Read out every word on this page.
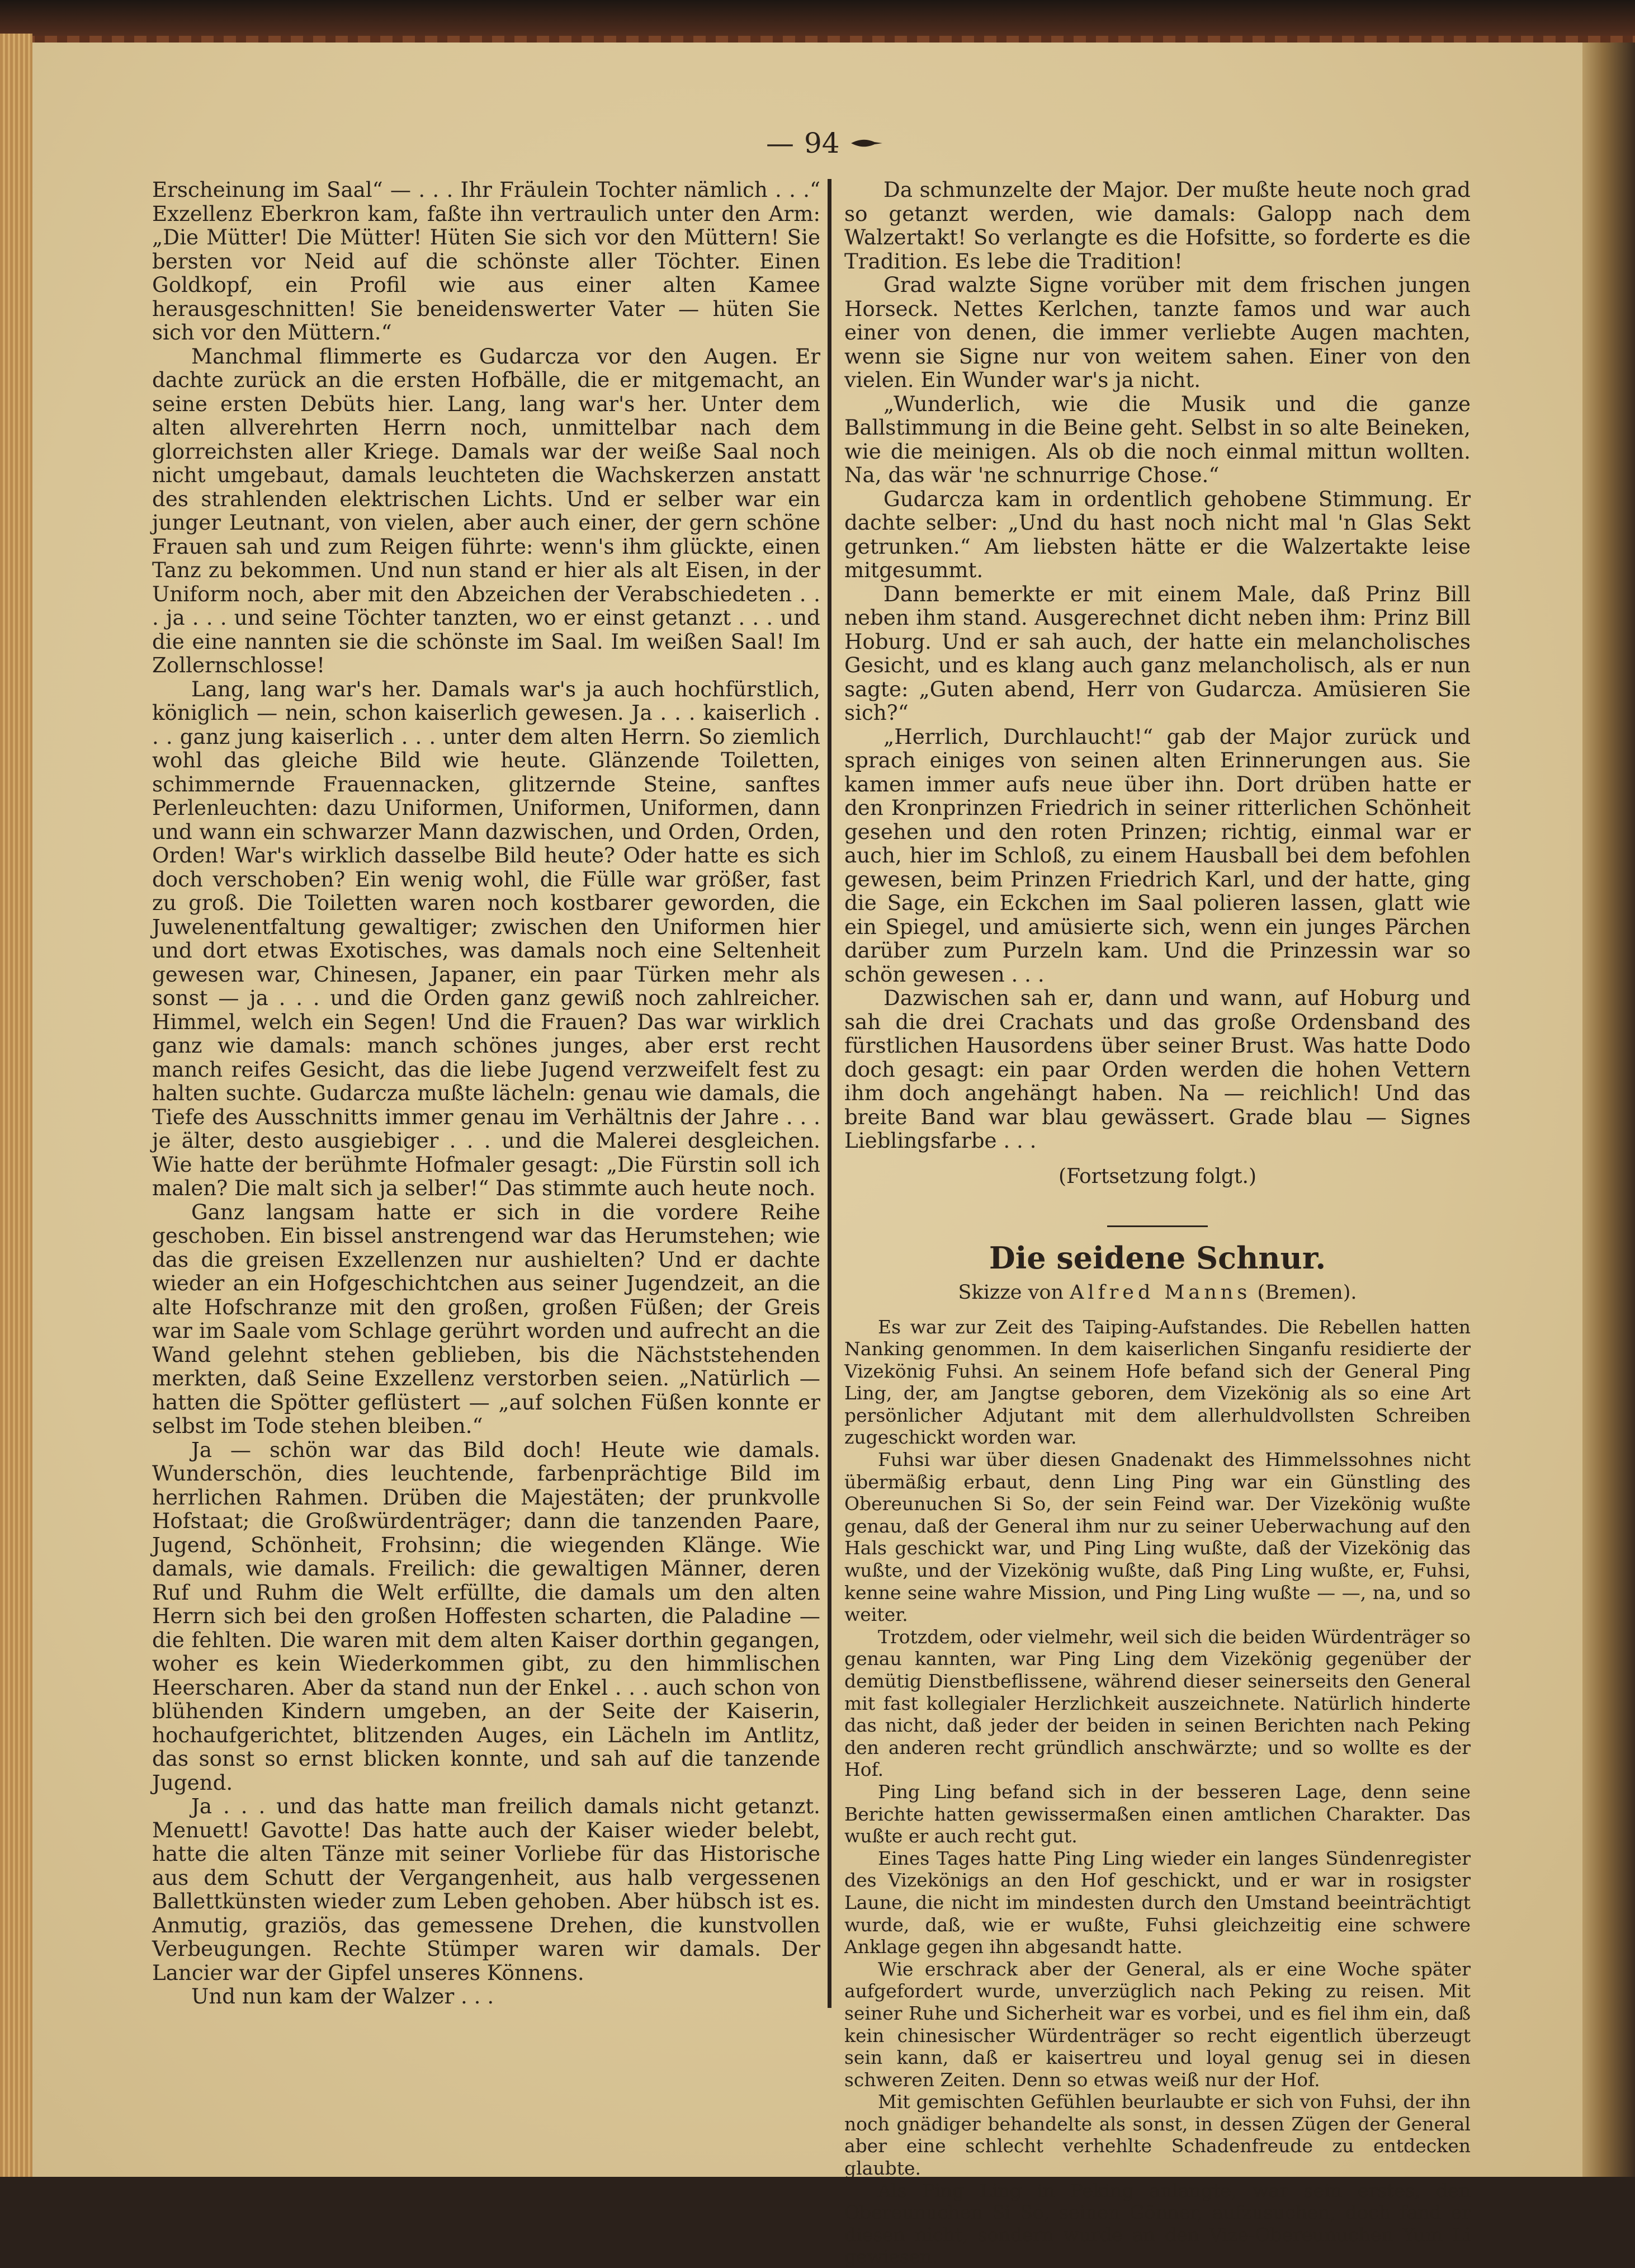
— 94

Erscheinung im Saal“ — . . . Ihr Fräulein Tochter nämlich . . .“ Exzellenz Eberkron kam, faßte ihn vertraulich unter den Arm: „Die Mütter! Die Mütter! Hüten Sie sich vor den Müttern! Sie bersten vor Neid auf die schönste aller Töchter. Einen Goldkopf, ein Profil wie aus einer alten Kamee herausgeschnitten! Sie beneidenswerter Vater — hüten Sie sich vor den Müttern.“

Manchmal flimmerte es Gudarcza vor den Augen. Er dachte zurück an die ersten Hofbälle, die er mitgemacht, an seine ersten Debüts hier. Lang, lang war's her. Unter dem alten allverehrten Herrn noch, unmittelbar nach dem glorreichsten aller Kriege. Damals war der weiße Saal noch nicht umgebaut, damals leuchteten die Wachskerzen anstatt des strahlenden elektrischen Lichts. Und er selber war ein junger Leutnant, von vielen, aber auch einer, der gern schöne Frauen sah und zum Reigen führte: wenn's ihm glückte, einen Tanz zu bekommen. Und nun stand er hier als alt Eisen, in der Uniform noch, aber mit den Abzeichen der Verabschiedeten . . . ja . . . und seine Töchter tanzten, wo er einst getanzt . . . und die eine nannten sie die schönste im Saal. Im weißen Saal! Im Zollernschlosse!

Lang, lang war's her. Damals war's ja auch hochfürstlich, königlich — nein, schon kaiserlich gewesen. Ja . . . kaiserlich . . . ganz jung kaiserlich . . . unter dem alten Herrn. So ziemlich wohl das gleiche Bild wie heute. Glänzende Toiletten, schimmernde Frauennacken, glitzernde Steine, sanftes Perlenleuchten: dazu Uniformen, Uniformen, Uniformen, dann und wann ein schwarzer Mann dazwischen, und Orden, Orden, Orden! War's wirklich dasselbe Bild heute? Oder hatte es sich doch verschoben? Ein wenig wohl, die Fülle war größer, fast zu groß. Die Toiletten waren noch kostbarer geworden, die Juwelenentfaltung gewaltiger; zwischen den Uniformen hier und dort etwas Exotisches, was damals noch eine Seltenheit gewesen war, Chinesen, Japaner, ein paar Türken mehr als sonst — ja . . . und die Orden ganz gewiß noch zahlreicher. Himmel, welch ein Segen! Und die Frauen? Das war wirklich ganz wie damals: manch schönes junges, aber erst recht manch reifes Gesicht, das die liebe Jugend verzweifelt fest zu halten suchte. Gudarcza mußte lächeln: genau wie damals, die Tiefe des Ausschnitts immer genau im Verhältnis der Jahre . . . je älter, desto ausgiebiger . . . und die Malerei desgleichen. Wie hatte der berühmte Hofmaler gesagt: „Die Fürstin soll ich malen? Die malt sich ja selber!“ Das stimmte auch heute noch.

Ganz langsam hatte er sich in die vordere Reihe geschoben. Ein bissel anstrengend war das Herumstehen; wie das die greisen Exzellenzen nur aushielten? Und er dachte wieder an ein Hofgeschichtchen aus seiner Jugendzeit, an die alte Hofschranze mit den großen, großen Füßen; der Greis war im Saale vom Schlage gerührt worden und aufrecht an die Wand gelehnt stehen geblieben, bis die Nächststehenden merkten, daß Seine Exzellenz verstorben seien. „Natürlich — hatten die Spötter geflüstert — „auf solchen Füßen konnte er selbst im Tode stehen bleiben.“

Ja — schön war das Bild doch! Heute wie damals. Wunderschön, dies leuchtende, farbenprächtige Bild im herrlichen Rahmen. Drüben die Majestäten; der prunkvolle Hofstaat; die Großwürdenträger; dann die tanzenden Paare, Jugend, Schönheit, Frohsinn; die wiegenden Klänge. Wie damals, wie damals. Freilich: die gewaltigen Männer, deren Ruf und Ruhm die Welt erfüllte, die damals um den alten Herrn sich bei den großen Hoffesten scharten, die Paladine — die fehlten. Die waren mit dem alten Kaiser dorthin gegangen, woher es kein Wiederkommen gibt, zu den himmlischen Heerscharen. Aber da stand nun der Enkel . . . auch schon von blühenden Kindern umgeben, an der Seite der Kaiserin, hochaufgerichtet, blitzenden Auges, ein Lächeln im Antlitz, das sonst so ernst blicken konnte, und sah auf die tanzende Jugend.

Ja . . . und das hatte man freilich damals nicht getanzt. Menuett! Gavotte! Das hatte auch der Kaiser wieder belebt, hatte die alten Tänze mit seiner Vorliebe für das Historische aus dem Schutt der Vergangenheit, aus halb vergessenen Ballettkünsten wieder zum Leben gehoben. Aber hübsch ist es. Anmutig, graziös, das gemessene Drehen, die kunstvollen Verbeugungen. Rechte Stümper waren wir damals. Der Lancier war der Gipfel unseres Könnens.

Und nun kam der Walzer . . .

Da schmunzelte der Major. Der mußte heute noch grad so getanzt werden, wie damals: Galopp nach dem Walzertakt! So verlangte es die Hofsitte, so forderte es die Tradition. Es lebe die Tradition!

Grad walzte Signe vorüber mit dem frischen jungen Horseck. Nettes Kerlchen, tanzte famos und war auch einer von denen, die immer verliebte Augen machten, wenn sie Signe nur von weitem sahen. Einer von den vielen. Ein Wunder war's ja nicht.

„Wunderlich, wie die Musik und die ganze Ballstimmung in die Beine geht. Selbst in so alte Beineken, wie die meinigen. Als ob die noch einmal mittun wollten. Na, das wär 'ne schnurrige Chose.“

Gudarcza kam in ordentlich gehobene Stimmung. Er dachte selber: „Und du hast noch nicht mal 'n Glas Sekt getrunken.“ Am liebsten hätte er die Walzertakte leise mitgesummt.

Dann bemerkte er mit einem Male, daß Prinz Bill neben ihm stand. Ausgerechnet dicht neben ihm: Prinz Bill Hoburg. Und er sah auch, der hatte ein melancholisches Gesicht, und es klang auch ganz melancholisch, als er nun sagte: „Guten abend, Herr von Gudarcza. Amüsieren Sie sich?“

„Herrlich, Durchlaucht!“ gab der Major zurück und sprach einiges von seinen alten Erinnerungen aus. Sie kamen immer aufs neue über ihn. Dort drüben hatte er den Kronprinzen Friedrich in seiner ritterlichen Schönheit gesehen und den roten Prinzen; richtig, einmal war er auch, hier im Schloß, zu einem Hausball bei dem befohlen gewesen, beim Prinzen Friedrich Karl, und der hatte, ging die Sage, ein Eckchen im Saal polieren lassen, glatt wie ein Spiegel, und amüsierte sich, wenn ein junges Pärchen darüber zum Purzeln kam. Und die Prinzessin war so schön gewesen . . .

Dazwischen sah er, dann und wann, auf Hoburg und sah die drei Crachats und das große Ordensband des fürstlichen Hausordens über seiner Brust. Was hatte Dodo doch gesagt: ein paar Orden werden die hohen Vettern ihm doch angehängt haben. Na — reichlich! Und das breite Band war blau gewässert. Grade blau — Signes Lieblingsfarbe . . .

(Fortsetzung folgt.)

Die seidene Schnur.

Skizze von Alfred Manns (Bremen).

Es war zur Zeit des Taiping-Aufstandes. Die Rebellen hatten Nanking genommen. In dem kaiserlichen Singanfu residierte der Vizekönig Fuhsi. An seinem Hofe befand sich der General Ping Ling, der, am Jangtse geboren, dem Vizekönig als so eine Art persönlicher Adjutant mit dem allerhuldvollsten Schreiben zugeschickt worden war.

Fuhsi war über diesen Gnadenakt des Himmelssohnes nicht übermäßig erbaut, denn Ling Ping war ein Günstling des Obereunuchen Si So, der sein Feind war. Der Vizekönig wußte genau, daß der General ihm nur zu seiner Ueberwachung auf den Hals geschickt war, und Ping Ling wußte, daß der Vizekönig das wußte, und der Vizekönig wußte, daß Ping Ling wußte, er, Fuhsi, kenne seine wahre Mission, und Ping Ling wußte — —, na, und so weiter.

Trotzdem, oder vielmehr, weil sich die beiden Würdenträger so genau kannten, war Ping Ling dem Vizekönig gegenüber der demütig Dienstbeflissene, während dieser seinerseits den General mit fast kollegialer Herzlichkeit auszeichnete. Natürlich hinderte das nicht, daß jeder der beiden in seinen Berichten nach Peking den anderen recht gründlich anschwärzte; und so wollte es der Hof.

Ping Ling befand sich in der besseren Lage, denn seine Berichte hatten gewissermaßen einen amtlichen Charakter. Das wußte er auch recht gut.

Eines Tages hatte Ping Ling wieder ein langes Sündenregister des Vizekönigs an den Hof geschickt, und er war in rosigster Laune, die nicht im mindesten durch den Umstand beeinträchtigt wurde, daß, wie er wußte, Fuhsi gleichzeitig eine schwere Anklage gegen ihn abgesandt hatte.

Wie erschrack aber der General, als er eine Woche später aufgefordert wurde, unverzüglich nach Peking zu reisen. Mit seiner Ruhe und Sicherheit war es vorbei, und es fiel ihm ein, daß kein chinesischer Würdenträger so recht eigentlich überzeugt sein kann, daß er kaisertreu und loyal genug sei in diesen schweren Zeiten. Denn so etwas weiß nur der Hof.

Mit gemischten Gefühlen beurlaubte er sich von Fuhsi, der ihn noch gnädiger behandelte als sonst, in dessen Zügen der General aber eine schlecht verhehlte Schadenfreude zu entdecken glaubte.

Als Ping Ling in Peking anlangte, war sein erstes, den Obereunuchen Si So, seinen Gönner, aufzusuchen, doch fand er diesen nicht, sondern wurde an den Vize-Obereunuchen Yum Li gewiesen.
